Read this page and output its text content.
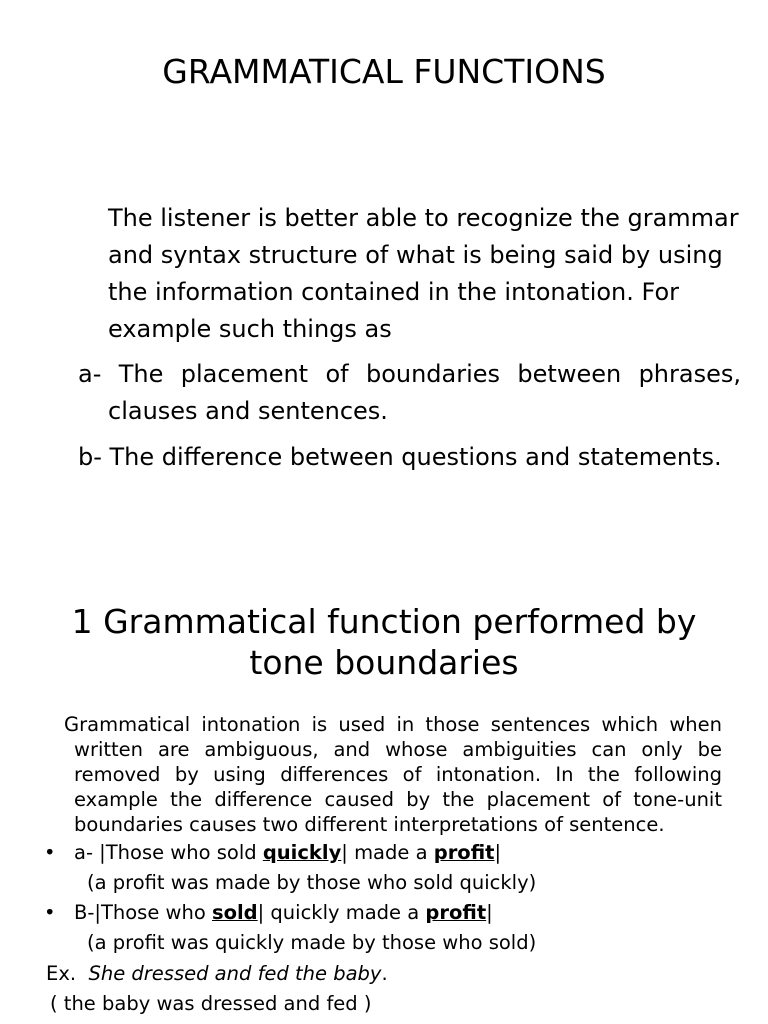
GRAMMATICAL FUNCTIONS

The listener is better able to recognize the grammar and syntax structure of what is being said by using the information contained in the intonation. For example such things as

a- The placement of boundaries between phrases, clauses and sentences.
b- The difference between questions and statements.
1 Grammatical function performed by tone boundaries

Grammatical intonation is used in those sentences which when written are ambiguous, and whose ambiguities can only be removed by using differences of intonation. In the following example the difference caused by the placement of tone-unit boundaries causes two different interpretations of sentence.

• a- |Those who sold quickly| made a profit|
(a profit was made by those who sold quickly)
• B-|Those who sold| quickly made a profit|
(a profit was quickly made by those who sold)
Ex. She dressed and fed the baby.
( the baby was dressed and fed )
